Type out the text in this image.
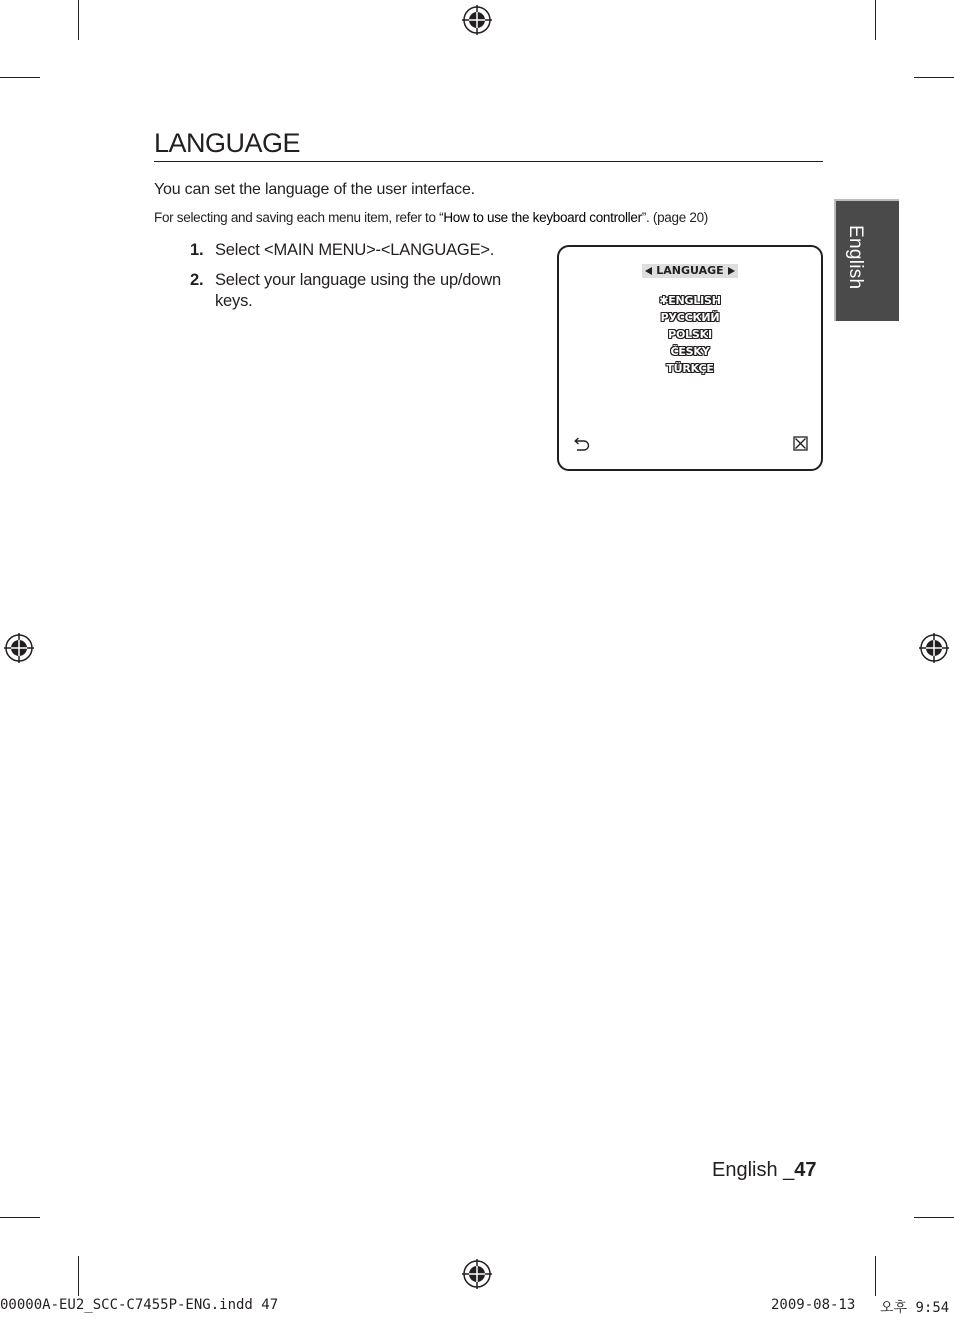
LANGUAGE
You can set the language of the user interface.
For selecting and saving each menu item, refer to “How to use the keyboard controller”. (page 20)
1. Select <MAIN MENU>-<LANGUAGE>.
2. Select your language using the up/down keys.
LANGUAGE
✱ENGLISH
РУССКИЙ
POLSKI
ČESKY
TÜRKÇE
English
English _47
00000A-EU2_SCC-C7455P-ENG.indd 47	2009-08-13 오후 9:54
